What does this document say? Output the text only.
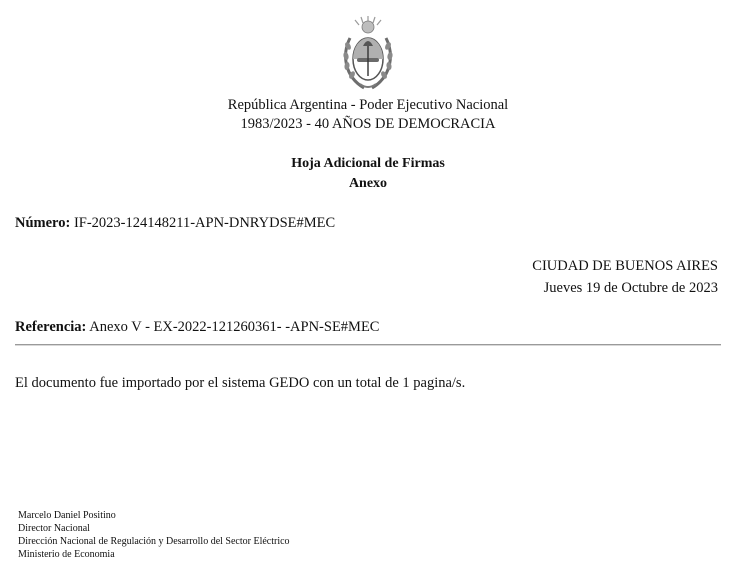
República Argentina - Poder Ejecutivo Nacional
1983/2023 - 40 AÑOS DE DEMOCRACIA
Hoja Adicional de Firmas
Anexo
Número: IF-2023-124148211-APN-DNRYDSE#MEC
CIUDAD DE BUENOS AIRES
Jueves 19 de Octubre de 2023
Referencia: Anexo V - EX-2022-121260361- -APN-SE#MEC
El documento fue importado por el sistema GEDO con un total de 1 pagina/s.
Marcelo Daniel Positino
Director Nacional
Dirección Nacional de Regulación y Desarrollo del Sector Eléctrico
Ministerio de Economia
